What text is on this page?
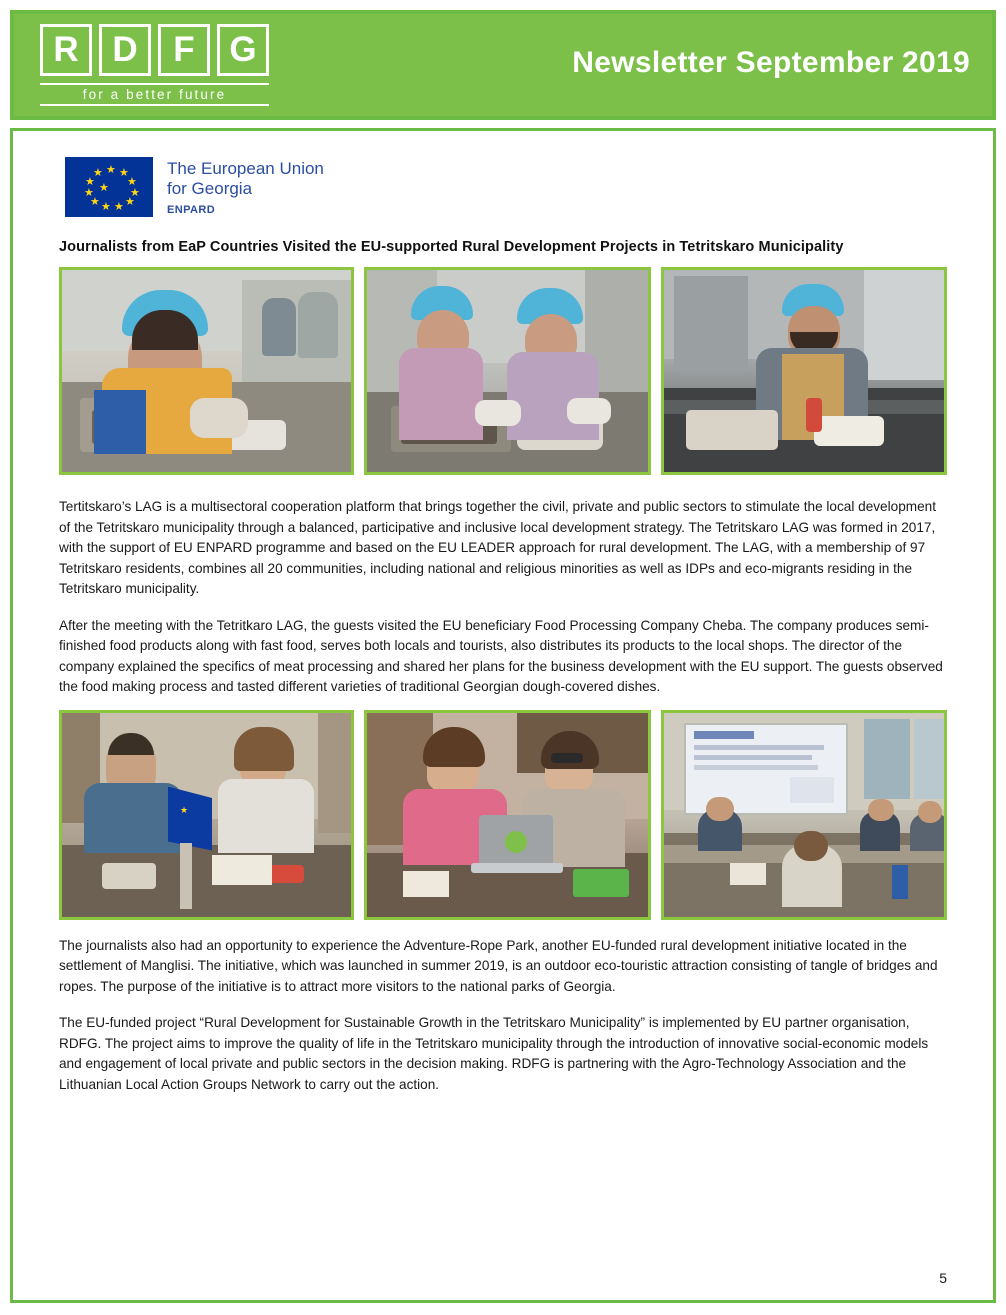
R D	F G
for a better future
Newsletter September 2019
★ ★
★
★
★
★
★
★
★
★
★
★
The European Union
for Georgia
ENPARD
Journalists from EaP Countries Visited the EU-supported Rural Development Projects in Tetritskaro Municipality
Tertitskaro’s LAG is a multisectoral cooperation platform that brings together the civil, private and public sectors to stimulate the local development of the Tetritskaro municipality through a balanced, participative and inclusive local development strategy. The Tetritskaro LAG was formed in 2017, with the support of EU ENPARD programme and based on the EU LEADER approach for rural development. The LAG, with a membership of 97 Tetritskaro residents, combines all 20 communities, including national and religious minorities as well as IDPs and eco-migrants residing in the Tetritskaro municipality.
After the meeting with the Tetritkaro LAG, the guests visited the EU beneficiary Food Processing Company Cheba. The company produces semi-finished food products along with fast food, serves both locals and tourists, also distributes its products to the local shops. The director of the company explained the specifics of meat processing and shared her plans for the business development with the EU support. The guests observed the food making process and tasted different varieties of traditional Georgian dough-covered dishes.
★
The journalists also had an opportunity to experience the Adventure-Rope Park, another EU-funded rural development initiative located in the settlement of Manglisi. The initiative, which was launched in summer 2019, is an outdoor eco-touristic attraction consisting of tangle of bridges and ropes. The purpose of the initiative is to attract more visitors to the national parks of Georgia.
The EU-funded project “Rural Development for Sustainable Growth in the Tetritskaro Municipality” is implemented by EU partner organisation, RDFG. The project aims to improve the quality of life in the Tetritskaro municipality through the introduction of innovative social-economic models and engagement of local private and public sectors in the decision making. RDFG is partnering with the Agro-Technology Association and the Lithuanian Local Action Groups Network to carry out the action.
5
